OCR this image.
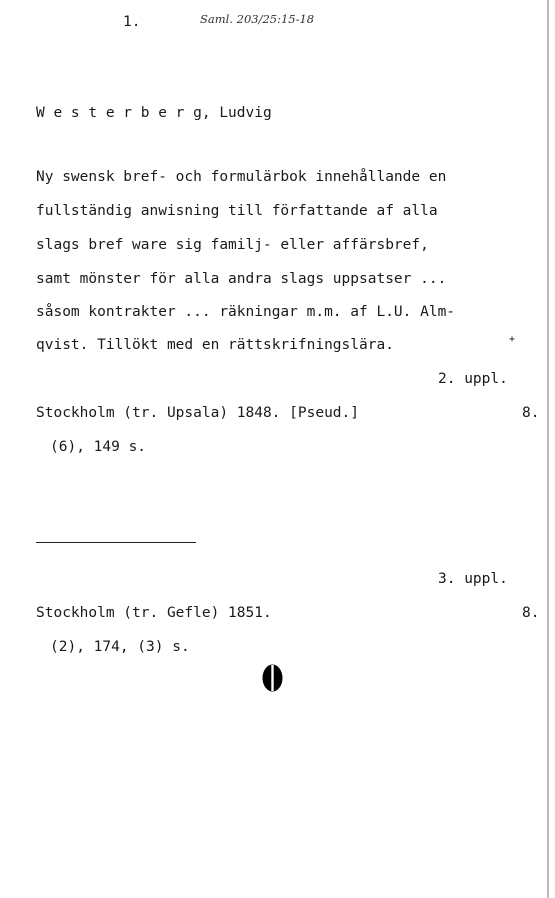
1.	Saml. 203/25:15-18
W e s t e r b e r g, Ludvig
Ny swensk bref- och formulärbok innehållande en
fullständig anwisning till författande af alla
slags bref ware sig familj- eller affärsbref,
samt mönster för alla andra slags uppsatser ...
såsom kontrakter ... räkningar m.m. af L.U. Alm-
+
qvist. Tillökt med en rättskrifningslära.
2. uppl.
Stockholm (tr. Upsala) 1848. [Pseud.]	8.
(6), 149 s.
3. uppl.
Stockholm (tr. Gefle) 1851.	8.
(2), 174, (3) s.
